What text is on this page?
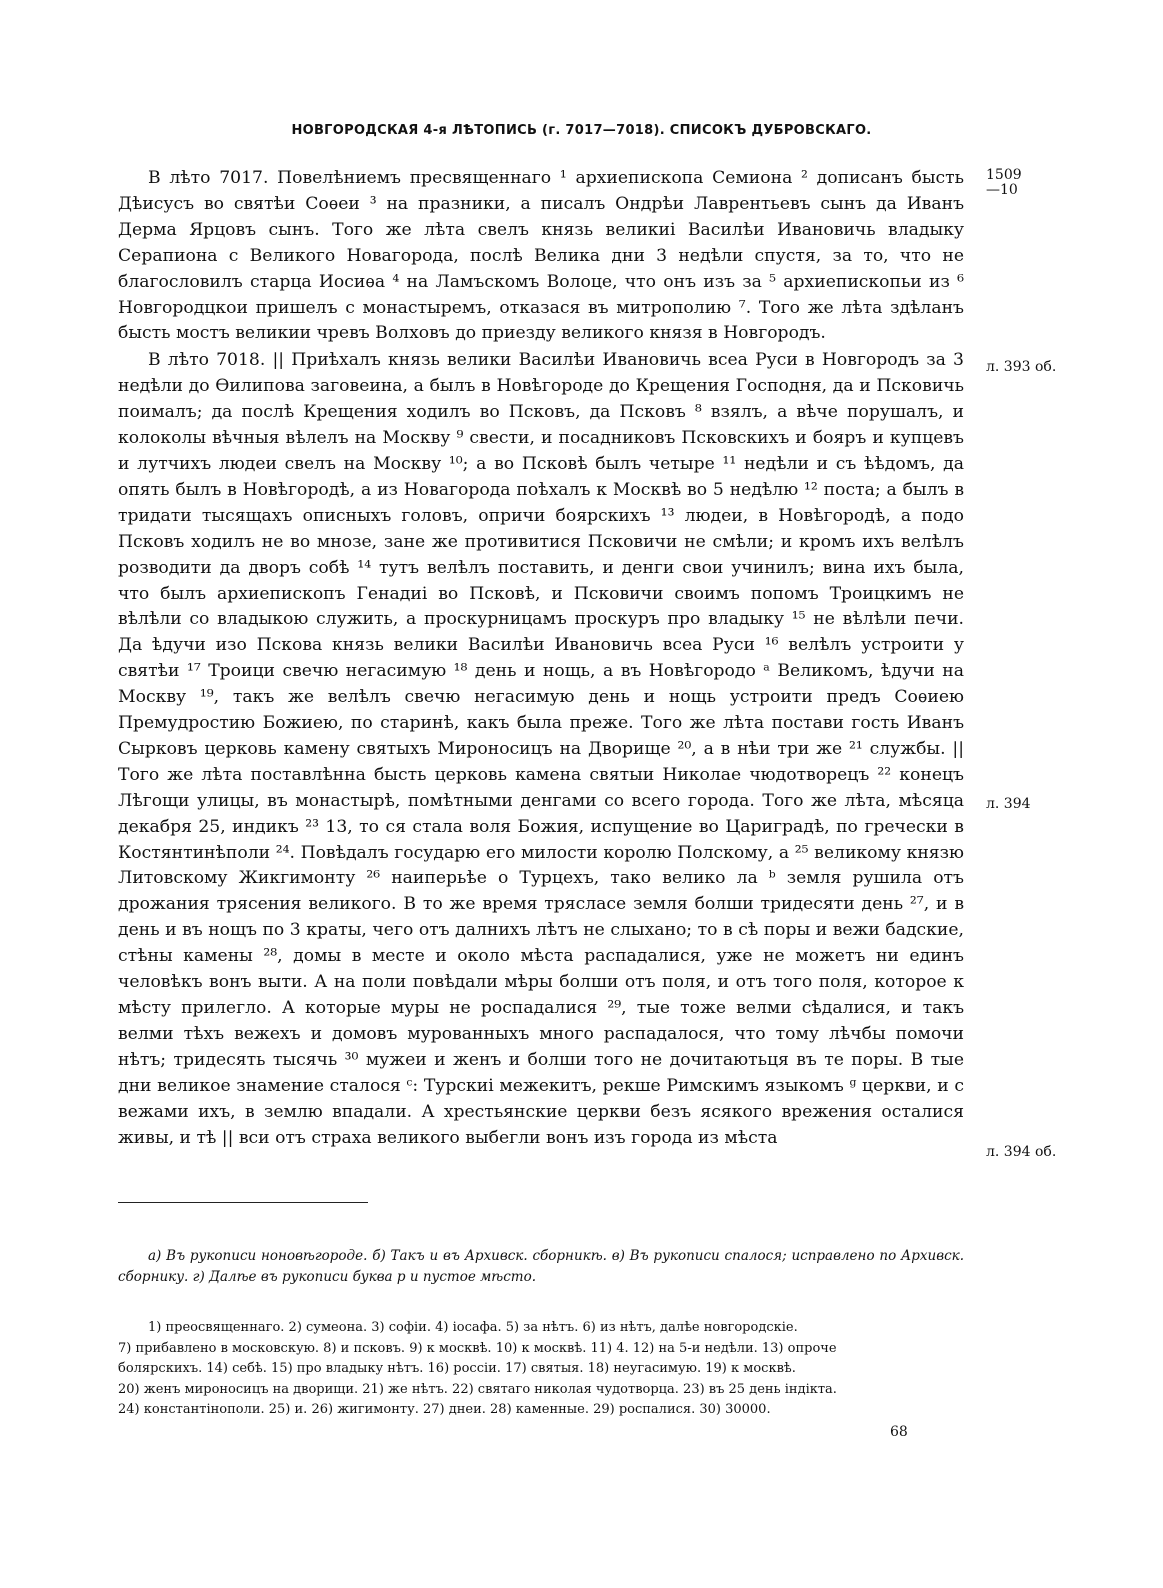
НОВГОРОДСКАЯ 4-я ЛѢТОПИСЬ (г. 7017—7018). СПИСОКЪ ДУБРОВСКАГО.

В лѣто 7017. Повелѣниемъ пресвященнаго ¹ архиепископа Семиона ² дописанъ бысть Дѣисусъ во святѣи Соѳеи ³ на празники, а писалъ Ондрѣи Лаврентьевъ сынъ да Иванъ Дерма Ярцовъ сынъ. Того же лѣта свелъ князь великиі Василѣи Ивановичь владыку Серапиона с Великого Новагорода, послѣ Велика дни 3 недѣли спустя, за то, что не благословилъ старца Иосиѳа ⁴ на Ламъскомъ Волоце, что онъ изъ за ⁵ архиепископьи из ⁶ Новгородцкои пришелъ с монастыремъ, отказася въ митрополию ⁷. Того же лѣта здѣланъ бысть мостъ великии чревъ Волховъ до приезду великого князя в Новгородъ.

В лѣто 7018. || Приѣхалъ князь велики Василѣи Ивановичь всеа Руси в Новгородъ за 3 недѣли до Ѳилипова заговеина, а былъ в Новѣгороде до Крещения Господня, да и Псковичь поималъ; да послѣ Крещения ходилъ во Псковъ, да Псковъ ⁸ взялъ, а вѣче порушалъ, и колоколы вѣчныя вѣлелъ на Москву ⁹ свести, и посадниковъ Псковскихъ и бояръ и купцевъ и лутчихъ людеи свелъ на Москву ¹⁰; а во Псковѣ былъ четыре ¹¹ недѣли и съ ѣѣдомъ, да опять былъ в Новѣгородѣ, а из Новагорода поѣхалъ к Москвѣ во 5 недѣлю ¹² поста; а былъ в тридати тысящахъ описныхъ головъ, опричи боярскихъ ¹³ людеи, в Новѣгородѣ, а подо Псковъ ходилъ не во мнозе, зане же противитися Псковичи не смѣли; и кромъ ихъ велѣлъ розводити да дворъ собѣ ¹⁴ тутъ велѣлъ поставить, и денги свои учинилъ; вина ихъ была, что былъ архиепископъ Генадиі во Псковѣ, и Псковичи своимъ попомъ Троицкимъ не вѣлѣли со владыкою служить, а проскурницамъ проскуръ про владыку ¹⁵ не вѣлѣли печи. Да ѣдучи изо Пскова князь велики Василѣи Ивановичь всеа Руси ¹⁶ велѣлъ устроити у святѣи ¹⁷ Троици свечю негасимую ¹⁸ день и нощь, а въ Новѣгородо ᵃ Великомъ, ѣдучи на Москву ¹⁹, такъ же велѣлъ свечю негасимую день и нощь устроити предъ Соѳиею Премудростию Божиею, по старинѣ, какъ была преже. Того же лѣта постави гость Иванъ Сырковъ церковь камену святыхъ Мироносицъ на Дворище ²⁰, а в нѣи три же ²¹ службы. || Того же лѣта поставлѣнна бысть церковь камена святыи Николае чюдотворецъ ²² конецъ Лѣгощи улицы, въ монастырѣ, помѣтными денгами со всего города. Того же лѣта, мѣсяца декабря 25, индикъ ²³ 13, то ся стала воля Божия, испущение во Цариградѣ, по гречески в Костянтинѣполи ²⁴. Повѣдалъ государю его милости королю Полскому, а ²⁵ великому князю Литовскому Жикгимонту ²⁶ наиперьѣе о Турцехъ, тако велико ла ᵇ земля рушила отъ дрожания трясения великого. В то же время трясласе земля болши тридесяти день ²⁷, и в день и въ нощъ по 3 краты, чего отъ далнихъ лѣтъ не слыхано; то в сѣ поры и вежи бадские, стѣны камены ²⁸, домы в месте и около мѣста распадалися, уже не можетъ ни единъ человѣкъ вонъ выти. А на поли повѣдали мѣры болши отъ поля, и отъ того поля, которое к мѣсту прилегло. А которые муры не роспадалися ²⁹, тые тоже велми сѣдалися, и такъ велми тѣхъ вежехъ и домовъ мурованныхъ много распадалося, что тому лѣчбы помочи нѣтъ; тридесять тысячь ³⁰ мужеи и женъ и болши того не дочитаютьця въ те поры. В тые дни великое знамение сталося ᶜ: Турскиі межекитъ, рекше Римскимъ языкомъ ᵍ церкви, и с вежами ихъ, в землю впадали. А хрестьянские церкви безъ ясякого врежения осталися живы, и тѣ || вси отъ страха великого выбегли вонъ изъ города из мѣста

1509
—10
л. 393 об.
л. 394
л. 394 об.
а) Въ рукописи ноновѣгороде. б) Такъ и въ Архивск. сборникѣ. в) Въ рукописи спалося; исправлено по Архивск. сборнику. г) Далѣе въ рукописи буква р и пустое мѣсто.
1) преосвященнаго. 2) сумеона. 3) софіи. 4) іосафа. 5) за нѣтъ. 6) из нѣтъ, далѣе новгородскіе.
7) прибавлено в московскую. 8) и псковъ. 9) к москвѣ. 10) к москвѣ. 11) 4. 12) на 5-и недѣли. 13) опроче
болярскихъ. 14) себѣ. 15) про владыку нѣтъ. 16) россіи. 17) святыя. 18) неугасимую. 19) к москвѣ.
20) женъ мироносицъ на дворищи. 21) же нѣтъ. 22) святаго николая чудотворца. 23) въ 25 день індікта.
24) константінополи. 25) и. 26) жигимонту. 27) днеи. 28) каменные. 29) роспалися. 30) 30000.
68
